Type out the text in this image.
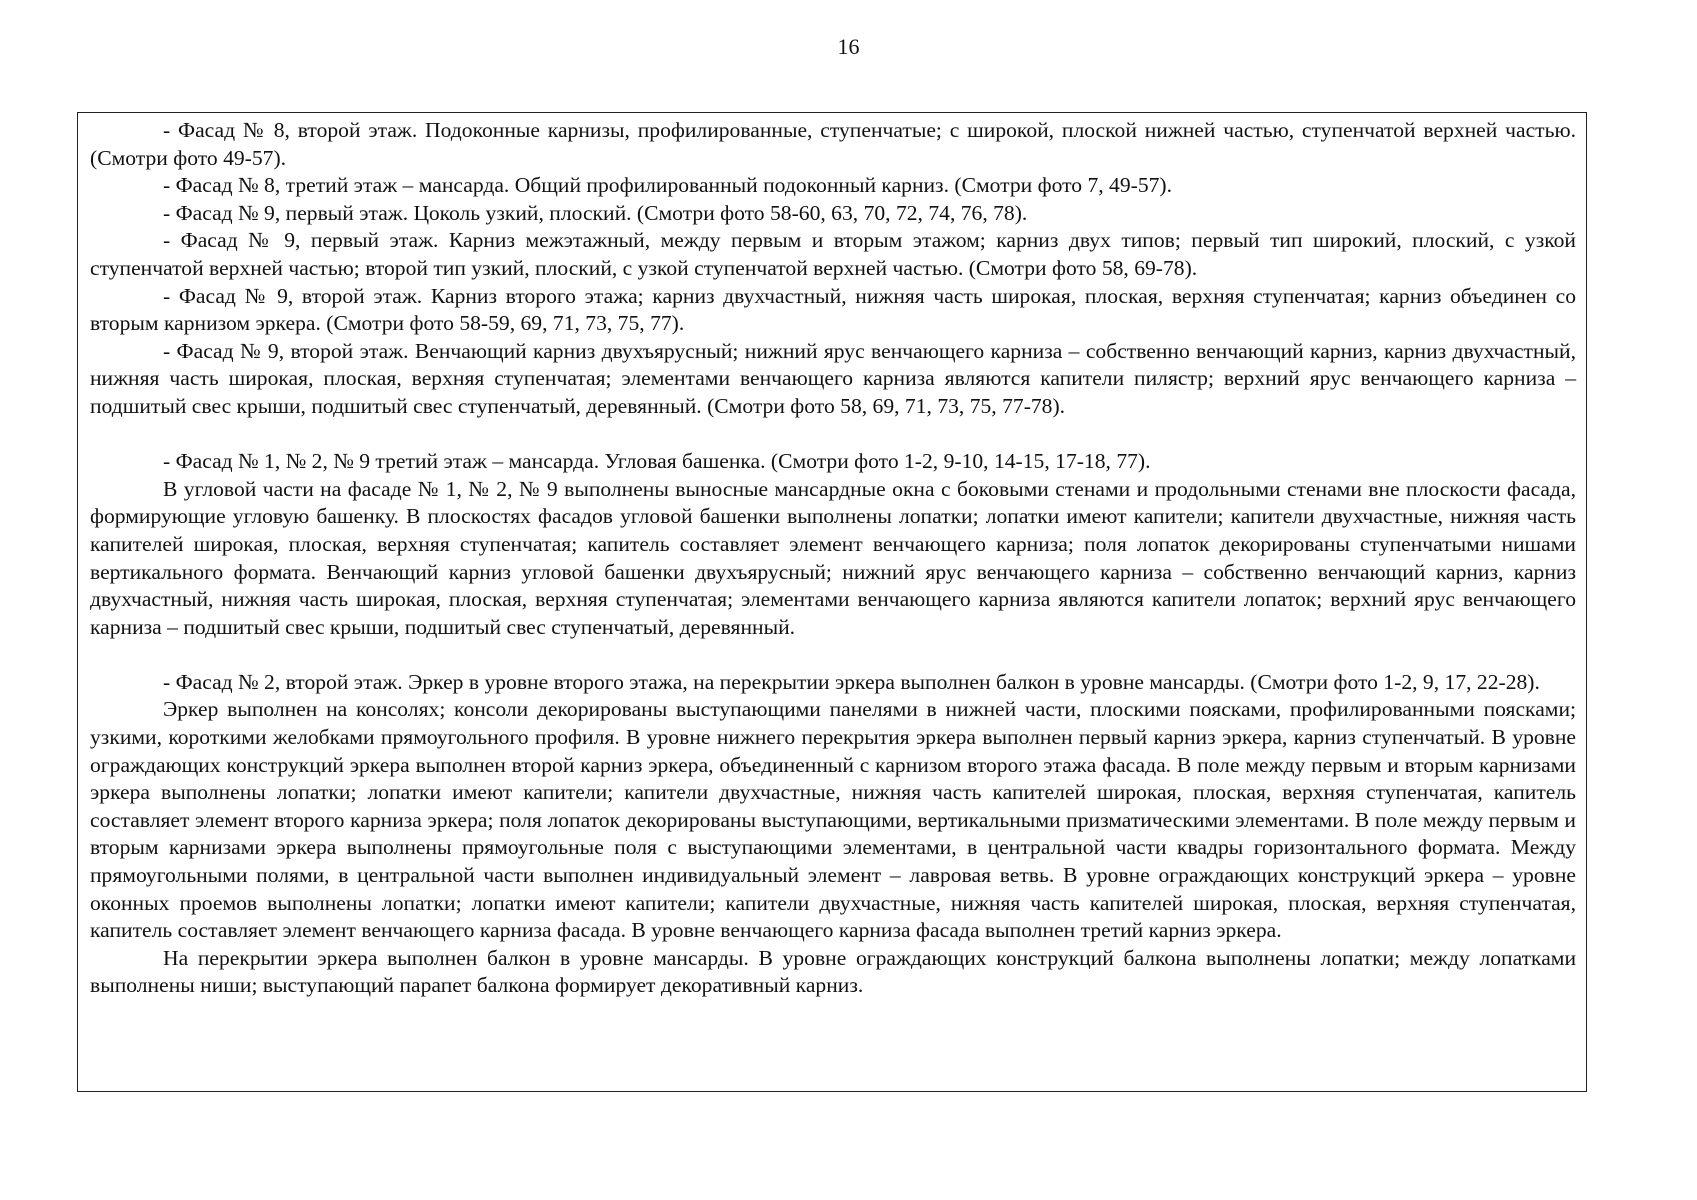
16

- Фасад № 8, второй этаж. Подоконные карнизы, профилированные, ступенчатые; с широкой, плоской нижней частью, ступенчатой верхней частью. (Смотри фото 49-57).

- Фасад № 8, третий этаж – мансарда. Общий профилированный подоконный карниз. (Смотри фото 7, 49-57).

- Фасад № 9, первый этаж. Цоколь узкий, плоский. (Смотри фото 58-60, 63, 70, 72, 74, 76, 78).

- Фасад № 9, первый этаж. Карниз межэтажный, между первым и вторым этажом; карниз двух типов; первый тип широкий, плоский, с узкой ступенчатой верхней частью; второй тип узкий, плоский, с узкой ступенчатой верхней частью. (Смотри фото 58, 69-78).

- Фасад № 9, второй этаж. Карниз второго этажа; карниз двухчастный, нижняя часть широкая, плоская, верхняя ступенчатая; карниз объединен со вторым карнизом эркера. (Смотри фото 58-59, 69, 71, 73, 75, 77).

- Фасад № 9, второй этаж. Венчающий карниз двухъярусный; нижний ярус венчающего карниза – собственно венчающий карниз, карниз двухчастный, нижняя часть широкая, плоская, верхняя ступенчатая; элементами венчающего карниза являются капители пилястр; верхний ярус венчающего карниза – подшитый свес крыши, подшитый свес ступенчатый, деревянный. (Смотри фото 58, 69, 71, 73, 75, 77-78).

- Фасад № 1, № 2, № 9 третий этаж – мансарда. Угловая башенка. (Смотри фото 1-2, 9-10, 14-15, 17-18, 77).

В угловой части на фасаде № 1, № 2, № 9 выполнены выносные мансардные окна с боковыми стенами и продольными стенами вне плоскости фасада, формирующие угловую башенку. В плоскостях фасадов угловой башенки выполнены лопатки; лопатки имеют капители; капители двухчастные, нижняя часть капителей широкая, плоская, верхняя ступенчатая; капитель составляет элемент венчающего карниза; поля лопаток декорированы ступенчатыми нишами вертикального формата. Венчающий карниз угловой башенки двухъярусный; нижний ярус венчающего карниза – собственно венчающий карниз, карниз двухчастный, нижняя часть широкая, плоская, верхняя ступенчатая; элементами венчающего карниза являются капители лопаток; верхний ярус венчающего карниза – подшитый свес крыши, подшитый свес ступенчатый, деревянный.

- Фасад № 2, второй этаж. Эркер в уровне второго этажа, на перекрытии эркера выполнен балкон в уровне мансарды. (Смотри фото 1-2, 9, 17, 22-28).

Эркер выполнен на консолях; консоли декорированы выступающими панелями в нижней части, плоскими поясками, профилированными поясками; узкими, короткими желобками прямоугольного профиля. В уровне нижнего перекрытия эркера выполнен первый карниз эркера, карниз ступенчатый. В уровне ограждающих конструкций эркера выполнен второй карниз эркера, объединенный с карнизом второго этажа фасада. В поле между первым и вторым карнизами эркера выполнены лопатки; лопатки имеют капители; капители двухчастные, нижняя часть капителей широкая, плоская, верхняя ступенчатая, капитель составляет элемент второго карниза эркера; поля лопаток декорированы выступающими, вертикальными призматическими элементами. В поле между первым и вторым карнизами эркера выполнены прямоугольные поля с выступающими элементами, в центральной части квадры горизонтального формата. Между прямоугольными полями, в центральной части выполнен индивидуальный элемент – лавровая ветвь. В уровне ограждающих конструкций эркера – уровне оконных проемов выполнены лопатки; лопатки имеют капители; капители двухчастные, нижняя часть капителей широкая, плоская, верхняя ступенчатая, капитель составляет элемент венчающего карниза фасада. В уровне венчающего карниза фасада выполнен третий карниз эркера.

На перекрытии эркера выполнен балкон в уровне мансарды. В уровне ограждающих конструкций балкона выполнены лопатки; между лопатками выполнены ниши; выступающий парапет балкона формирует декоративный карниз.
